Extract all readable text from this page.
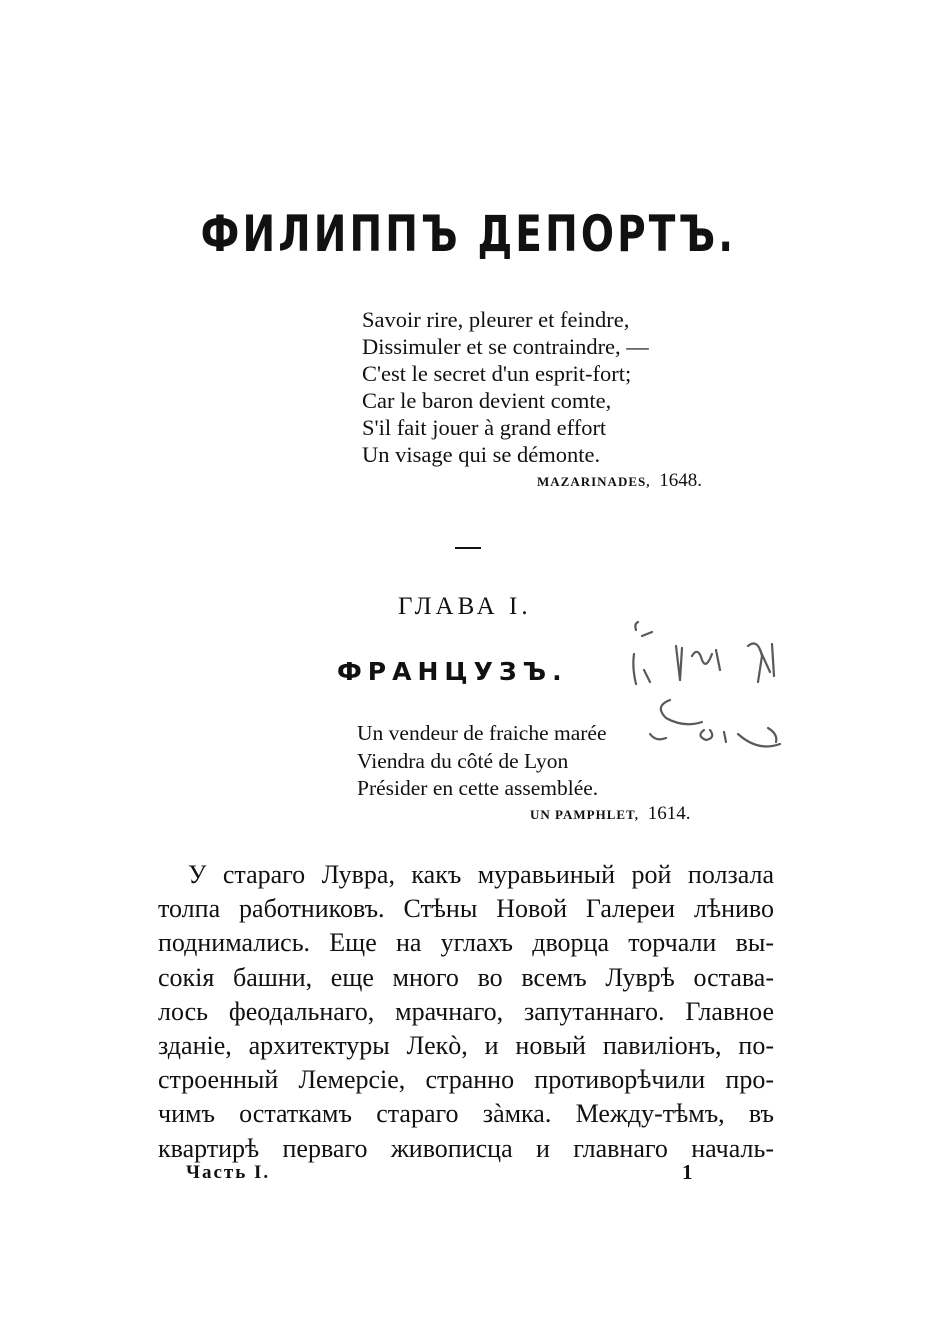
ФИЛИППЪ ДЕПОРТЪ.
Savoir rire, pleurer et feindre,
Dissimuler et se contraindre, —
C'est le secret d'un esprit-fort;
Car le baron devient comte,
S'il fait jouer à grand effort
Un visage qui se démonte.
MAZARINADES, 1648.
ГЛАВА I.
ФРАНЦУЗЪ.
Un vendeur de fraiche marée
Viendra du côté de Lyon
Présider en cette assemblée.
UN PAMPHLET, 1614.
У стараго Лувра, какъ муравьиный рой ползала
толпа работниковъ. Стѣны Новой Галереи лѣниво
поднимались. Еще на углахъ дворца торчали вы-
сокія башни, еще много во всемъ Луврѣ остава-
лось феодальнаго, мрачнаго, запутаннаго. Главное
зданіе, архитектуры Лекò, и новый павиліонъ, по-
строенный Лемерсіе, странно противорѣчили про-
чимъ остаткамъ стараго зàмка. Между-тѣмъ, въ
квартирѣ перваго живописца и главнаго началь-
Часть I.	1
